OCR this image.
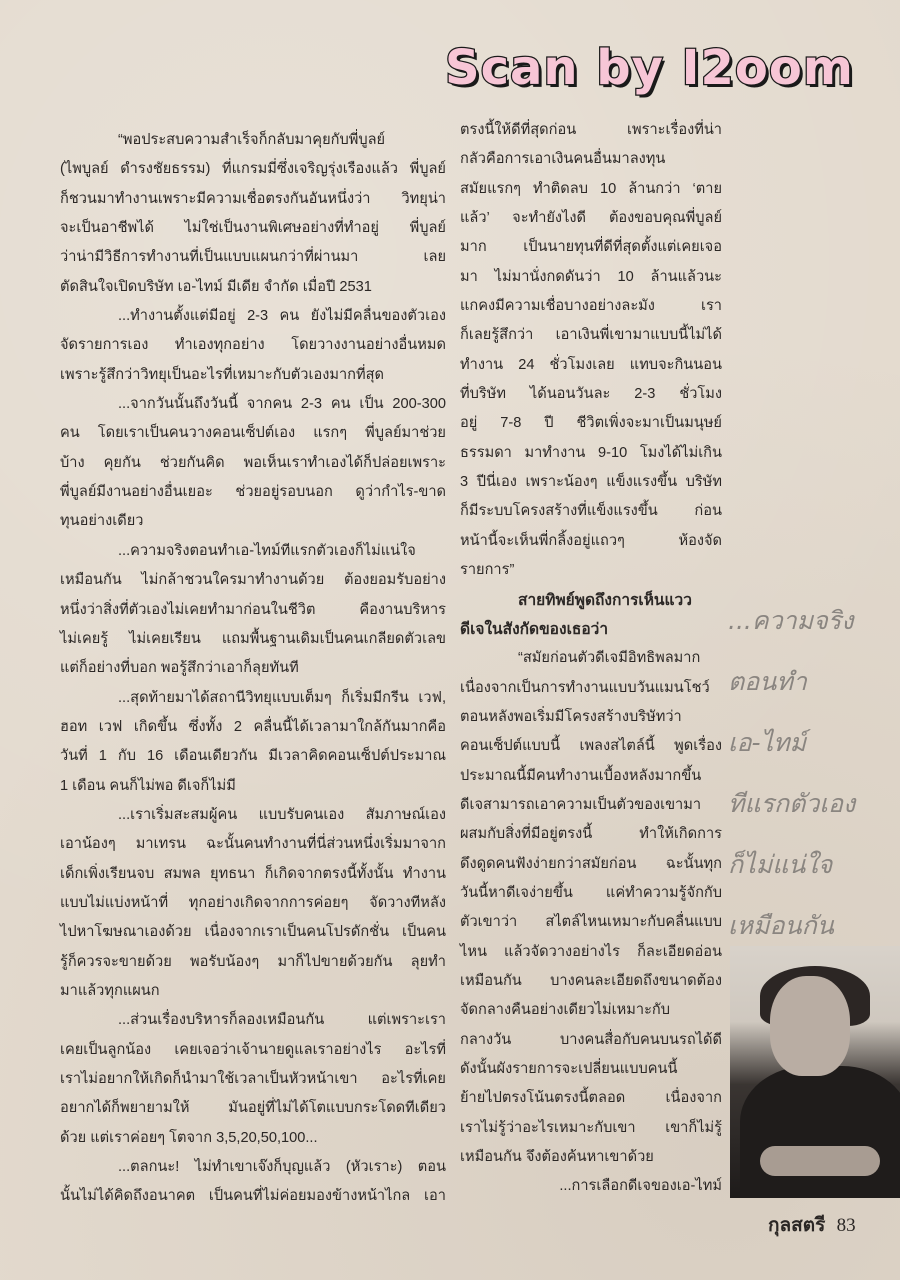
Scan by I2oom
“พอประสบความสำเร็จก็กลับมาคุยกับพี่บูลย์
(ไพบูลย์ ดำรงชัยธรรม) ที่แกรมมี่ซึ่งเจริญรุ่งเรืองแล้ว พี่บูลย์
ก็ชวนมาทำงานเพราะมีความเชื่อตรงกันอันหนึ่งว่า วิทยุน่า
จะเป็นอาชีพได้ ไม่ใช่เป็นงานพิเศษอย่างที่ทำอยู่ พี่บูลย์
ว่าน่ามีวิธีการทำงานที่เป็นแบบแผนกว่าที่ผ่านมา เลย
ตัดสินใจเปิดบริษัท เอ-ไทม์ มีเดีย จำกัด เมื่อปี 2531
...ทำงานตั้งแต่มีอยู่ 2-3 คน ยังไม่มีคลื่นของตัวเอง
จัดรายการเอง ทำเองทุกอย่าง โดยวางงานอย่างอื่นหมด
เพราะรู้สึกว่าวิทยุเป็นอะไรที่เหมาะกับตัวเองมากที่สุด
...จากวันนั้นถึงวันนี้ จากคน 2-3 คน เป็น 200-300
คน โดยเราเป็นคนวางคอนเซ็ปต์เอง แรกๆ พี่บูลย์มาช่วย
บ้าง คุยกัน ช่วยกันคิด พอเห็นเราทำเองได้ก็ปล่อยเพราะ
พี่บูลย์มีงานอย่างอื่นเยอะ ช่วยอยู่รอบนอก ดูว่ากำไร-ขาด
ทุนอย่างเดียว
...ความจริงตอนทำเอ-ไทม์ทีแรกตัวเองก็ไม่แน่ใจ
เหมือนกัน ไม่กล้าชวนใครมาทำงานด้วย ต้องยอมรับอย่าง
หนึ่งว่าสิ่งที่ตัวเองไม่เคยทำมาก่อนในชีวิต คืองานบริหาร
ไม่เคยรู้ ไม่เคยเรียน แถมพื้นฐานเดิมเป็นคนเกลียดตัวเลข
แต่ก็อย่างที่บอก พอรู้สึกว่าเอาก็ลุยทันที
...สุดท้ายมาได้สถานีวิทยุแบบเต็มๆ ก็เริ่มมีกรีน เวฟ,
ฮอท เวฟ เกิดขึ้น ซึ่งทั้ง 2 คลื่นนี้ได้เวลามาใกล้กันมากคือ
วันที่ 1 กับ 16 เดือนเดียวกัน มีเวลาคิดคอนเซ็ปต์ประมาณ
1 เดือน คนก็ไม่พอ ดีเจก็ไม่มี
...เราเริ่มสะสมผู้คน แบบรับคนเอง สัมภาษณ์เอง
เอาน้องๆ มาเทรน ฉะนั้นคนทำงานที่นี่ส่วนหนึ่งเริ่มมาจาก
เด็กเพิ่งเรียนจบ สมพล ยุทธนา ก็เกิดจากตรงนี้ทั้งนั้น ทำงาน
แบบไม่แบ่งหน้าที่ ทุกอย่างเกิดจากการค่อยๆ จัดวางทีหลัง
ไปหาโฆษณาเองด้วย เนื่องจากเราเป็นคนโปรดักชั่น เป็นคน
รู้ก็ควรจะขายด้วย พอรับน้องๆ มาก็ไปขายด้วยกัน ลุยทำ
มาแล้วทุกแผนก
...ส่วนเรื่องบริหารก็ลองเหมือนกัน แต่เพราะเรา
เคยเป็นลูกน้อง เคยเจอว่าเจ้านายดูแลเราอย่างไร อะไรที่
เราไม่อยากให้เกิดก็นำมาใช้เวลาเป็นหัวหน้าเขา อะไรที่เคย
อยากได้ก็พยายามให้ มันอยู่ที่ไม่ได้โตแบบกระโดดทีเดียว
ด้วย แต่เราค่อยๆ โตจาก 3,5,20,50,100...
...ตลกนะ! ไม่ทำเขาเจ๊งก็บุญแล้ว (หัวเราะ) ตอน
นั้นไม่ได้คิดถึงอนาคต เป็นคนที่ไม่ค่อยมองข้างหน้าไกล เอา
ตรงนี้ให้ดีที่สุดก่อน เพราะเรื่องที่น่า
กลัวคือการเอาเงินคนอื่นมาลงทุน
สมัยแรกๆ ทำติดลบ 10 ล้านกว่า ‘ตาย
แล้ว’ จะทำยังไงดี ต้องขอบคุณพี่บูลย์
มาก เป็นนายทุนที่ดีที่สุดตั้งแต่เคยเจอ
มา ไม่มานั่งกดดันว่า 10 ล้านแล้วนะ
แกคงมีความเชื่อบางอย่างละมัง เรา
ก็เลยรู้สึกว่า เอาเงินพี่เขามาแบบนี้ไม่ได้
ทำงาน 24 ชั่วโมงเลย แทบจะกินนอน
ที่บริษัท ได้นอนวันละ 2-3 ชั่วโมง
อยู่ 7-8 ปี ชีวิตเพิ่งจะมาเป็นมนุษย์
ธรรมดา มาทำงาน 9-10 โมงได้ไม่เกิน
3 ปีนี่เอง เพราะน้องๆ แข็งแรงขึ้น บริษัท
ก็มีระบบโครงสร้างที่แข็งแรงขึ้น ก่อน
หน้านี้จะเห็นพี่กลิ้งอยู่แถวๆ ห้องจัด
รายการ”
สายทิพย์พูดถึงการเห็นแวว
ดีเจในสังกัดของเธอว่า
“สมัยก่อนตัวดีเจมีอิทธิพลมาก
เนื่องจากเป็นการทำงานแบบวันแมนโชว์
ตอนหลังพอเริ่มมีโครงสร้างบริษัทว่า
คอนเซ็ปต์แบบนี้ เพลงสไตล์นี้ พูดเรื่อง
ประมาณนี้มีคนทำงานเบื้องหลังมากขึ้น
ดีเจสามารถเอาความเป็นตัวของเขามา
ผสมกับสิ่งที่มีอยู่ตรงนี้ ทำให้เกิดการ
ดึงดูดคนฟังง่ายกว่าสมัยก่อน ฉะนั้นทุก
วันนี้หาดีเจง่ายขึ้น แค่ทำความรู้จักกับ
ตัวเขาว่า สไตล์ไหนเหมาะกับคลื่นแบบ
ไหน แล้วจัดวางอย่างไร ก็ละเอียดอ่อน
เหมือนกัน บางคนละเอียดถึงขนาดต้อง
จัดกลางคืนอย่างเดียวไม่เหมาะกับ
กลางวัน บางคนสื่อกับคนบนรถได้ดี
ดังนั้นผังรายการจะเปลี่ยนแบบคนนี้
ย้ายไปตรงโน้นตรงนี้ตลอด เนื่องจาก
เราไม่รู้ว่าอะไรเหมาะกับเขา เขาก็ไม่รู้
เหมือนกัน จึงต้องค้นหาเขาด้วย
...การเลือกดีเจของเอ-ไทม์
...ความจริง
ตอนทำ
เอ-ไทม์
ทีแรกตัวเอง
ก็ไม่แน่ใจ
เหมือนกัน
กุลสตรี 83
